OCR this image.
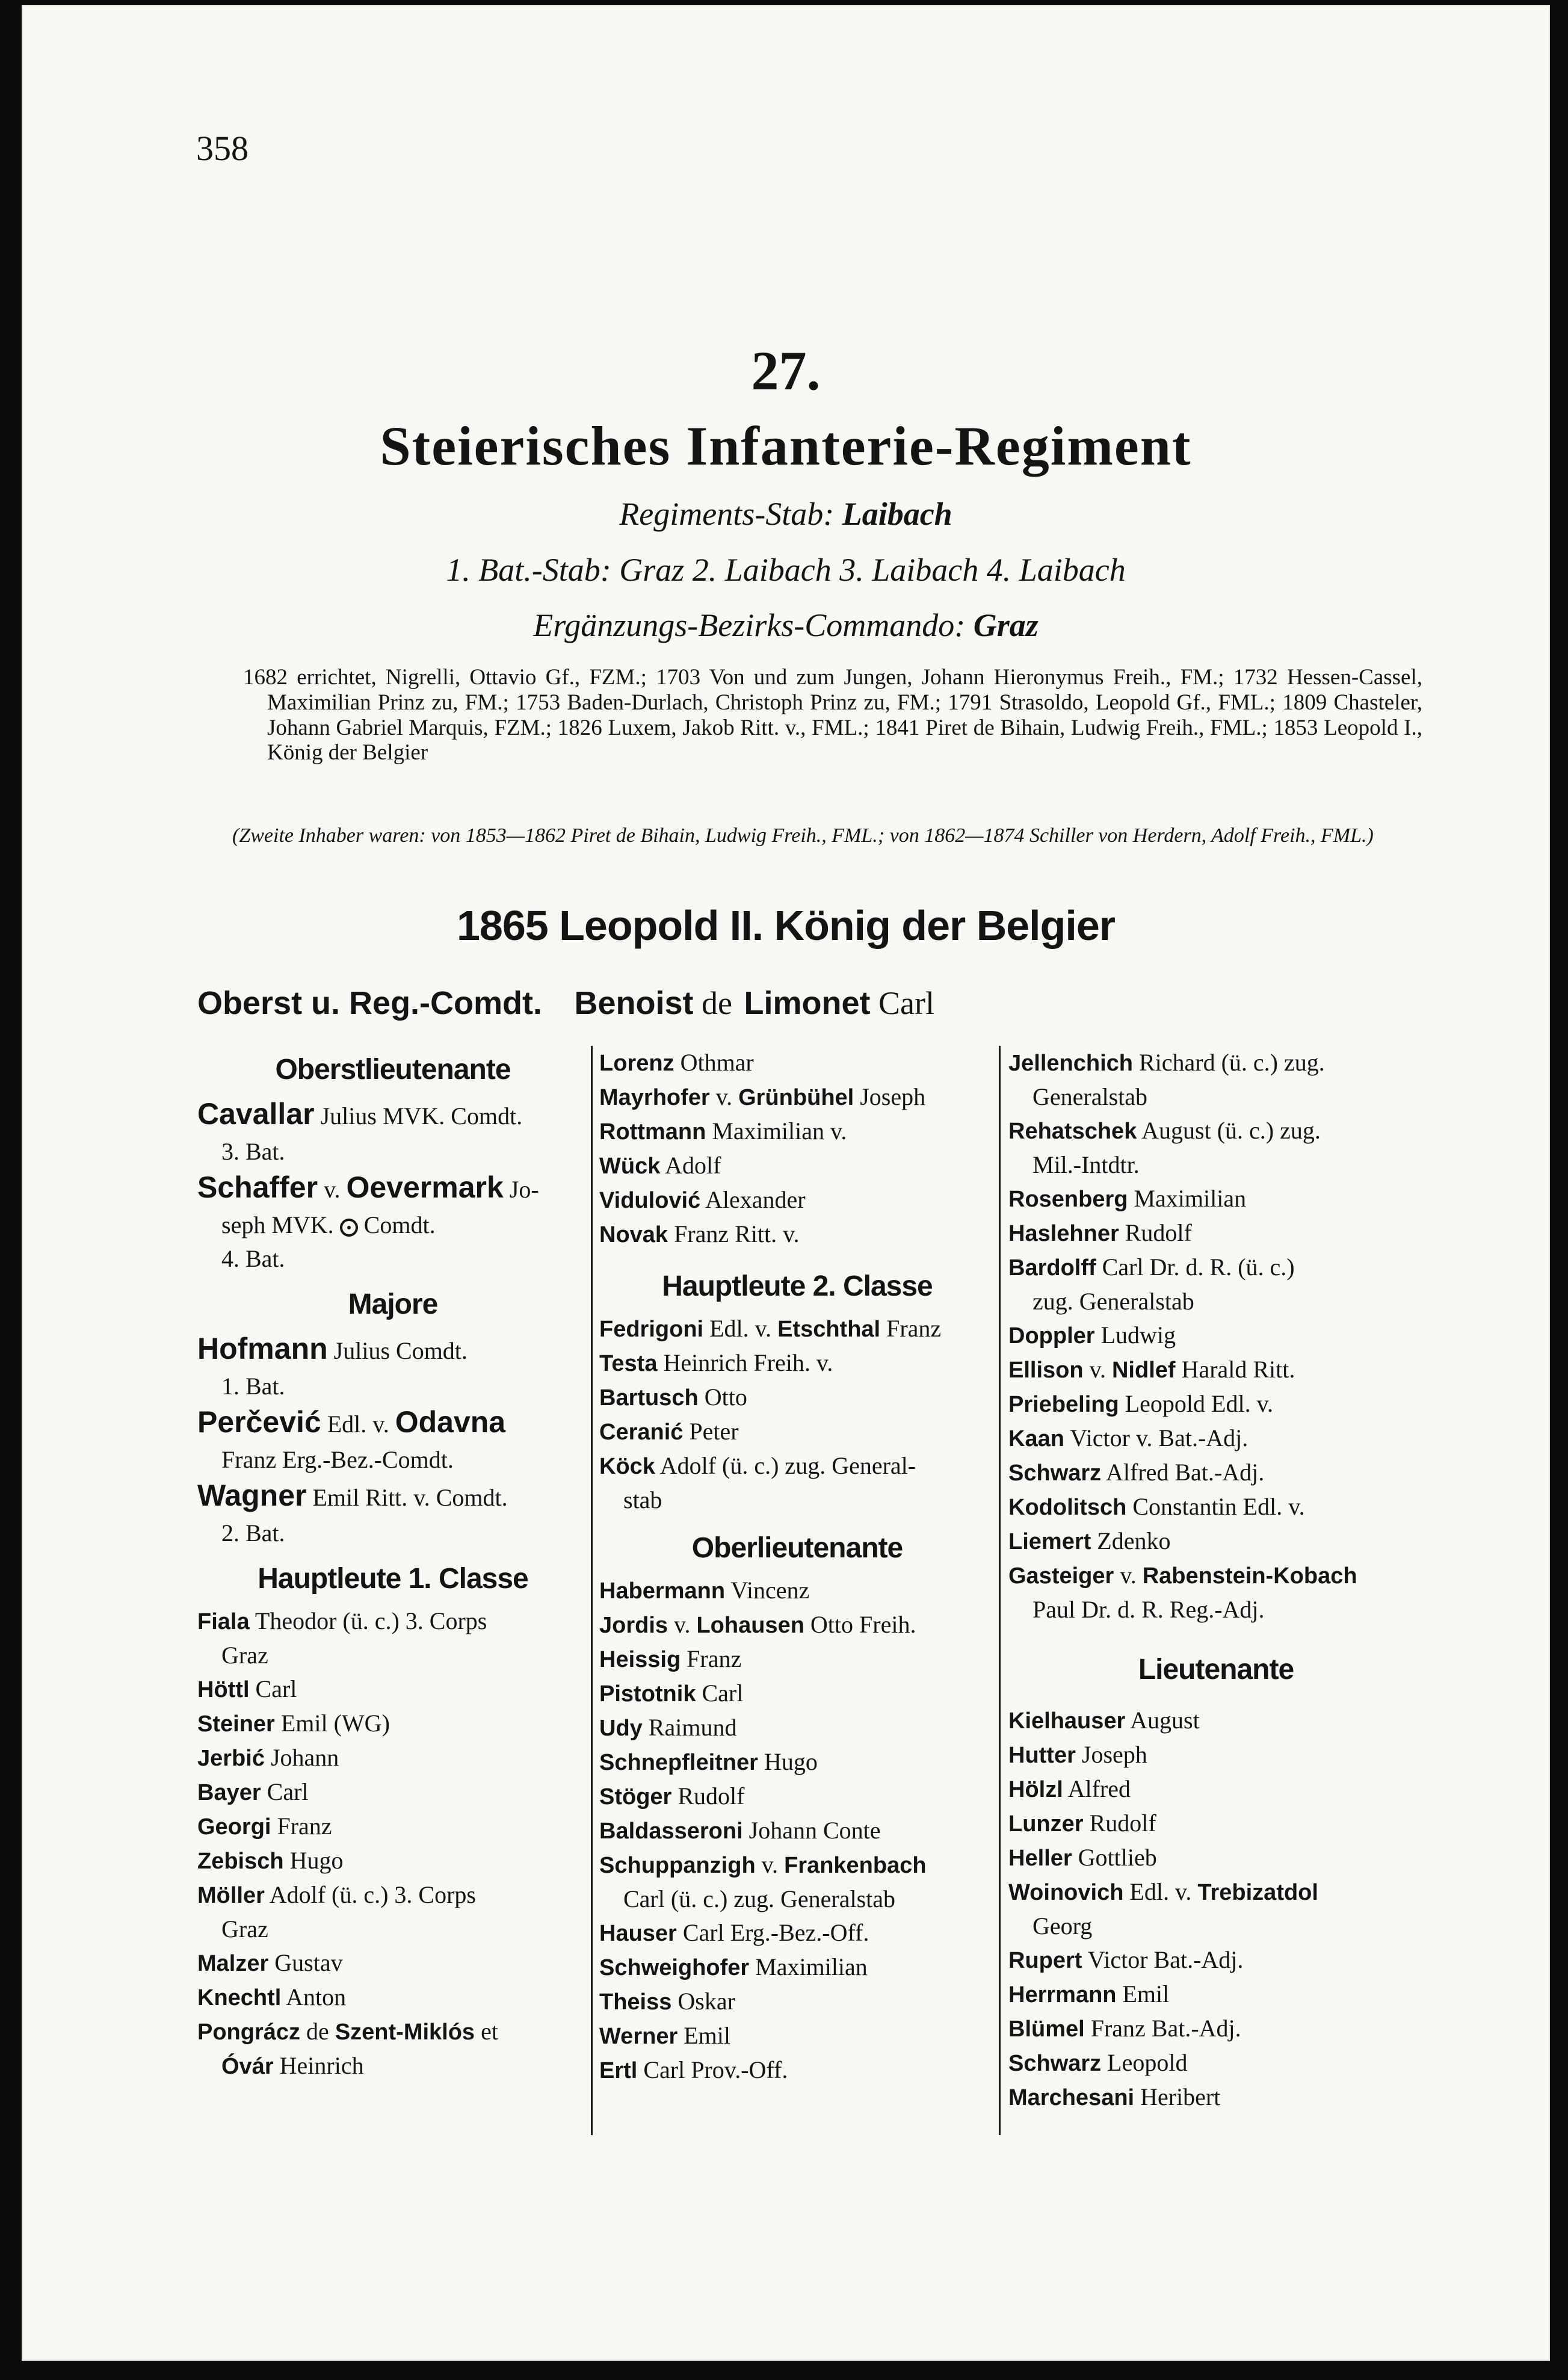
358
27.
Steierisches Infanterie-Regiment
Regiments-Stab: Laibach
1. Bat.-Stab: Graz 2. Laibach 3. Laibach 4. Laibach
Ergänzungs-Bezirks-Commando: Graz
1682 errichtet, Nigrelli, Ottavio Gf., FZM.; 1703 Von und zum Jungen, Johann Hieronymus Freih., FM.; 1732 Hessen-Cassel, Maximilian Prinz zu, FM.; 1753 Baden-Durlach, Christoph Prinz zu, FM.; 1791 Strasoldo, Leopold Gf., FML.; 1809 Chasteler, Johann Gabriel Marquis, FZM.; 1826 Luxem, Jakob Ritt. v., FML.; 1841 Piret de Bihain, Ludwig Freih., FML.; 1853 Leopold I., König der Belgier
(Zweite Inhaber waren: von 1853—1862 Piret de Bihain, Ludwig Freih., FML.; von 1862—1874 Schiller von Herdern, Adolf Freih., FML.)
1865 Leopold II. König der Belgier
Oberst u. Reg.-Comdt. Benoist de Limonet Carl
Oberstlieutenante
Cavallar Julius MVK. Comdt.
3. Bat.
Schaffer v. Oevermark Jo-
seph MVK. Comdt.
4. Bat.
Majore
Hofmann Julius Comdt.
1. Bat.
Perčević Edl. v. Odavna
Franz Erg.-Bez.-Comdt.
Wagner Emil Ritt. v. Comdt.
2. Bat.
Hauptleute 1. Classe
Fiala Theodor (ü. c.) 3. Corps
Graz
Höttl Carl
Steiner Emil (WG)
Jerbić Johann
Bayer Carl
Georgi Franz
Zebisch Hugo
Möller Adolf (ü. c.) 3. Corps
Graz
Malzer Gustav
Knechtl Anton
Pongrácz de Szent-Miklós et
Óvár Heinrich
Lorenz Othmar
Mayrhofer v. Grünbühel Joseph
Rottmann Maximilian v.
Wück Adolf
Vidulović Alexander
Novak Franz Ritt. v.
Hauptleute 2. Classe
Fedrigoni Edl. v. Etschthal Franz
Testa Heinrich Freih. v.
Bartusch Otto
Ceranić Peter
Köck Adolf (ü. c.) zug. General-
stab
Oberlieutenante
Habermann Vincenz
Jordis v. Lohausen Otto Freih.
Heissig Franz
Pistotnik Carl
Udy Raimund
Schnepfleitner Hugo
Stöger Rudolf
Baldasseroni Johann Conte
Schuppanzigh v. Frankenbach
Carl (ü. c.) zug. Generalstab
Hauser Carl Erg.-Bez.-Off.
Schweighofer Maximilian
Theiss Oskar
Werner Emil
Ertl Carl Prov.-Off.
Jellenchich Richard (ü. c.) zug.
Generalstab
Rehatschek August (ü. c.) zug.
Mil.-Intdtr.
Rosenberg Maximilian
Haslehner Rudolf
Bardolff Carl Dr. d. R. (ü. c.)
zug. Generalstab
Doppler Ludwig
Ellison v. Nidlef Harald Ritt.
Priebeling Leopold Edl. v.
Kaan Victor v. Bat.-Adj.
Schwarz Alfred Bat.-Adj.
Kodolitsch Constantin Edl. v.
Liemert Zdenko
Gasteiger v. Rabenstein-Kobach
Paul Dr. d. R. Reg.-Adj.
Lieutenante
Kielhauser August
Hutter Joseph
Hölzl Alfred
Lunzer Rudolf
Heller Gottlieb
Woinovich Edl. v. Trebizatdol
Georg
Rupert Victor Bat.-Adj.
Herrmann Emil
Blümel Franz Bat.-Adj.
Schwarz Leopold
Marchesani Heribert
